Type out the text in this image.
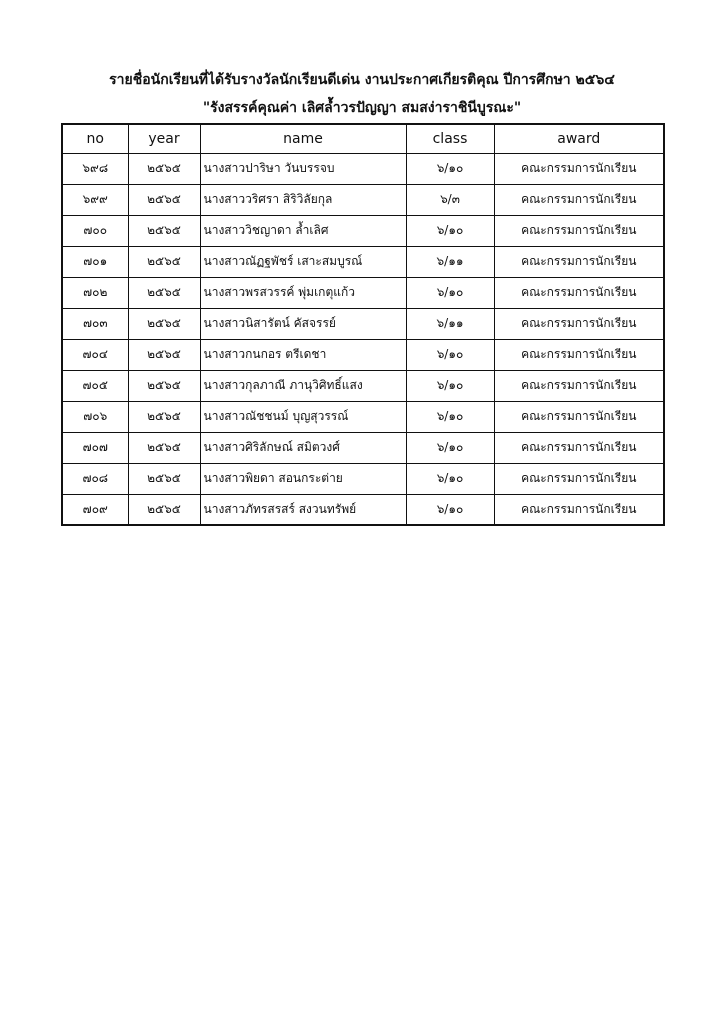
รายชื่อนักเรียนที่ได้รับรางวัลนักเรียนดีเด่น งานประกาศเกียรติคุณ ปีการศึกษา ๒๕๖๔
"รังสรรค์คุณค่า เลิศล้ำวรปัญญา สมสง่าราชินีบูรณะ"
no	year	name	class	award
๖๙๘	๒๕๖๕	นางสาวปาริษา วันบรรจบ	๖/๑๐	คณะกรรมการนักเรียน
๖๙๙	๒๕๖๕	นางสาววริศรา สิริวิลัยกุล	๖/๓	คณะกรรมการนักเรียน
๗๐๐	๒๕๖๕	นางสาววิชญาดา ล้ำเลิศ	๖/๑๐	คณะกรรมการนักเรียน
๗๐๑	๒๕๖๕	นางสาวณัฏฐพัชร์ เสาะสมบูรณ์	๖/๑๑	คณะกรรมการนักเรียน
๗๐๒	๒๕๖๕	นางสาวพรสวรรค์ พุ่มเกตุแก้ว	๖/๑๐	คณะกรรมการนักเรียน
๗๐๓	๒๕๖๕	นางสาวนิสารัตน์ คัสจรรย์	๖/๑๑	คณะกรรมการนักเรียน
๗๐๔	๒๕๖๕	นางสาวกนกอร ตรีเดชา	๖/๑๐	คณะกรรมการนักเรียน
๗๐๕	๒๕๖๕	นางสาวกุลภาณี ภานุวิศิทธิ์แสง	๖/๑๐	คณะกรรมการนักเรียน
๗๐๖	๒๕๖๕	นางสาวณัชชนม์ บุญสุวรรณ์	๖/๑๐	คณะกรรมการนักเรียน
๗๐๗	๒๕๖๕	นางสาวศิริลักษณ์ สมิตวงศ์	๖/๑๐	คณะกรรมการนักเรียน
๗๐๘	๒๕๖๕	นางสาวพิยดา สอนกระต่าย	๖/๑๐	คณะกรรมการนักเรียน
๗๐๙	๒๕๖๕	นางสาวภัทรสรสร์ สงวนทรัพย์	๖/๑๐	คณะกรรมการนักเรียน
